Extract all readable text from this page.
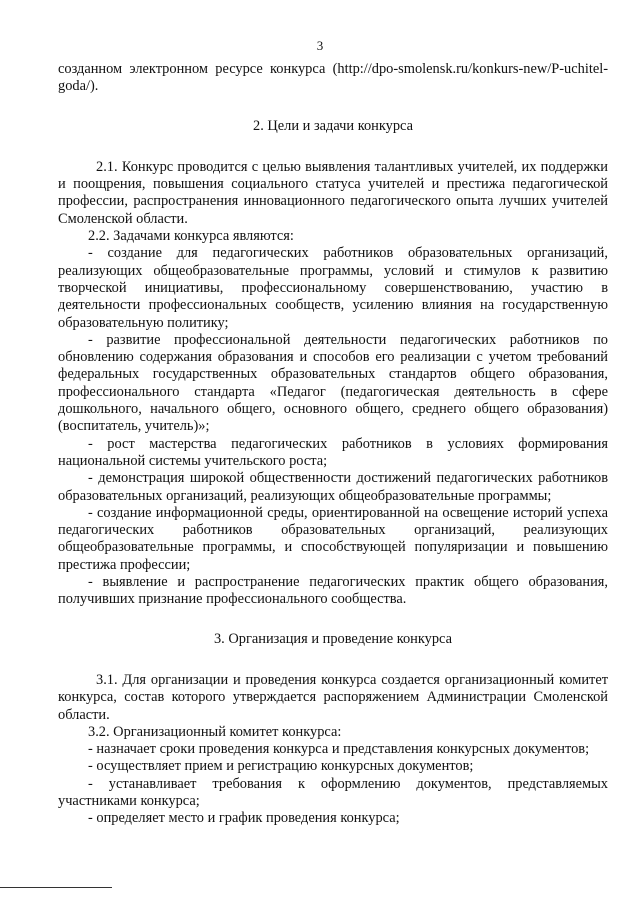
3

созданном электронном ресурсе конкурса (http://dpo-smolensk.ru/konkurs-new/P-uchitel-goda/).

2. Цели и задачи конкурса

2.1. Конкурс проводится с целью выявления талантливых учителей, их поддержки и поощрения, повышения социального статуса учителей и престижа педагогической профессии, распространения инновационного педагогического опыта лучших учителей Смоленской области.

2.2. Задачами конкурса являются:

- создание для педагогических работников образовательных организаций, реализующих общеобразовательные программы, условий и стимулов к развитию творческой инициативы, профессиональному совершенствованию, участию в деятельности профессиональных сообществ, усилению влияния на государственную образовательную политику;

- развитие профессиональной деятельности педагогических работников по обновлению содержания образования и способов его реализации с учетом требований федеральных государственных образовательных стандартов общего образования, профессионального стандарта «Педагог (педагогическая деятельность в сфере дошкольного, начального общего, основного общего, среднего общего образования) (воспитатель, учитель)»;

- рост мастерства педагогических работников в условиях формирования национальной системы учительского роста;

- демонстрация широкой общественности достижений педагогических работников образовательных организаций, реализующих общеобразовательные программы;

- создание информационной среды, ориентированной на освещение историй успеха педагогических работников образовательных организаций, реализующих общеобразовательные программы, и способствующей популяризации и повышению престижа профессии;

- выявление и распространение педагогических практик общего образования, получивших признание профессионального сообщества.

3. Организация и проведение конкурса

3.1. Для организации и проведения конкурса создается организационный комитет конкурса, состав которого утверждается распоряжением Администрации Смоленской области.

3.2. Организационный комитет конкурса:

- назначает сроки проведения конкурса и представления конкурсных документов;

- осуществляет прием и регистрацию конкурсных документов;

- устанавливает требования к оформлению документов, представляемых участниками конкурса;

- определяет место и график проведения конкурса;
